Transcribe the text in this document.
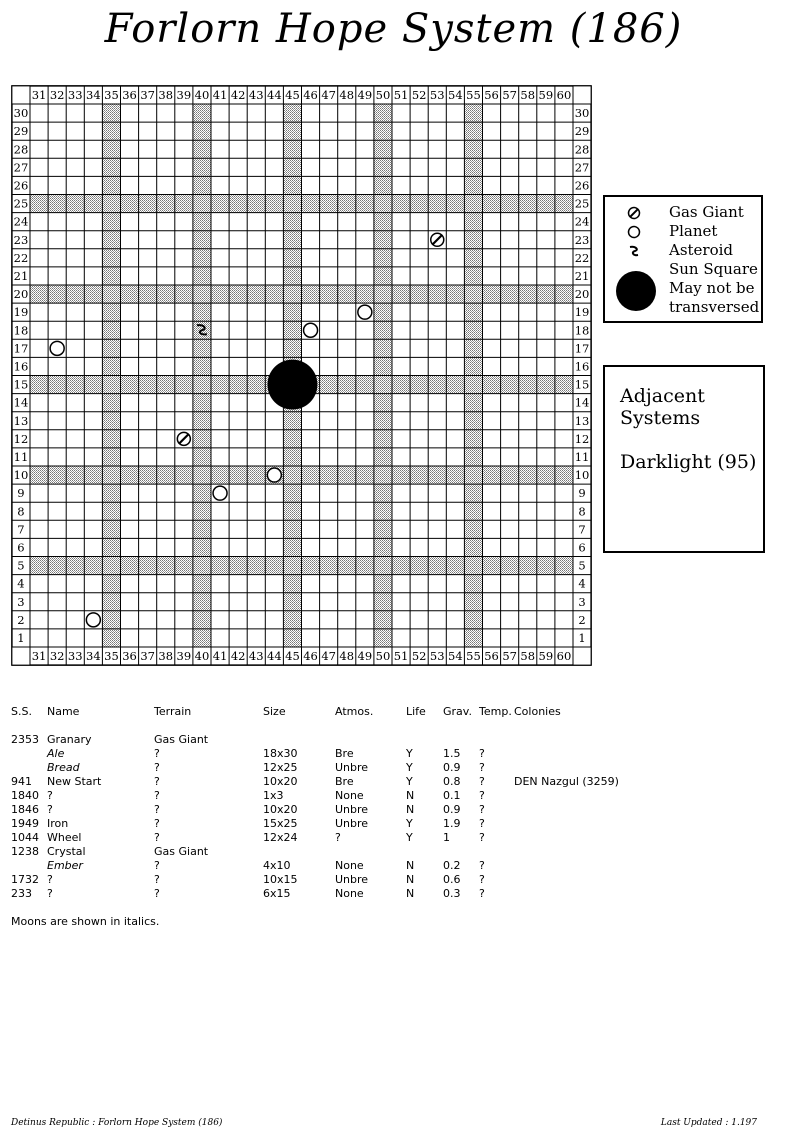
Forlorn Hope System (186)
31
31
32
32
33
33
34
34
35
35
36
36
37
37
38
38
39
39
40
40
41
41
42
42
43
43
44
44
45
45
46
46
47
47
48
48
49
49
50
50
51
51
52
52
53
53
54
54
55
55
56
56
57
57
58
58
59
59
60
60
1	1
2	2
3	3
4	4
5	5
6	6
7	7
8	8
9	9
10	10
11	11
12	12
13	13
14	14
15	15
16	16
17	17
18	18
19	19
20	20
21	21
22	22
23	23
24	24
25	25
26	26
27	27
28	28
29	29
30	30
Gas Giant
Planet
Asteroid
Sun Square
May not be
transversed
Adjacent Systems
Darklight (95)
S.S. Name	Terrain	Size	Atmos.	Life Grav. Temp. Colonies
2353 Granary	Gas Giant
Ale	?	18x30	Bre	Y	1.5 ?
Bread	?	12x25	Unbre	Y	0.9 ?
941 New Start	?	10x20	Bre	Y	0.8 ?	DEN Nazgul (3259)
1840 ?	?	1x3	None	N	0.1 ?
1846 ?	?	10x20	Unbre	N	0.9 ?
1949 Iron	?	15x25	Unbre	Y	1.9 ?
1044 Wheel	?	12x24	?	Y	1	?
1238 Crystal	Gas Giant
Ember	?	4x10	None	N	0.2 ?
1732 ?	?	10x15	Unbre	N	0.6 ?
233 ?	?	6x15	None	N	0.3 ?
Moons are shown in italics.
Detinus Republic : Forlorn Hope System (186)	Last Updated : 1.197
